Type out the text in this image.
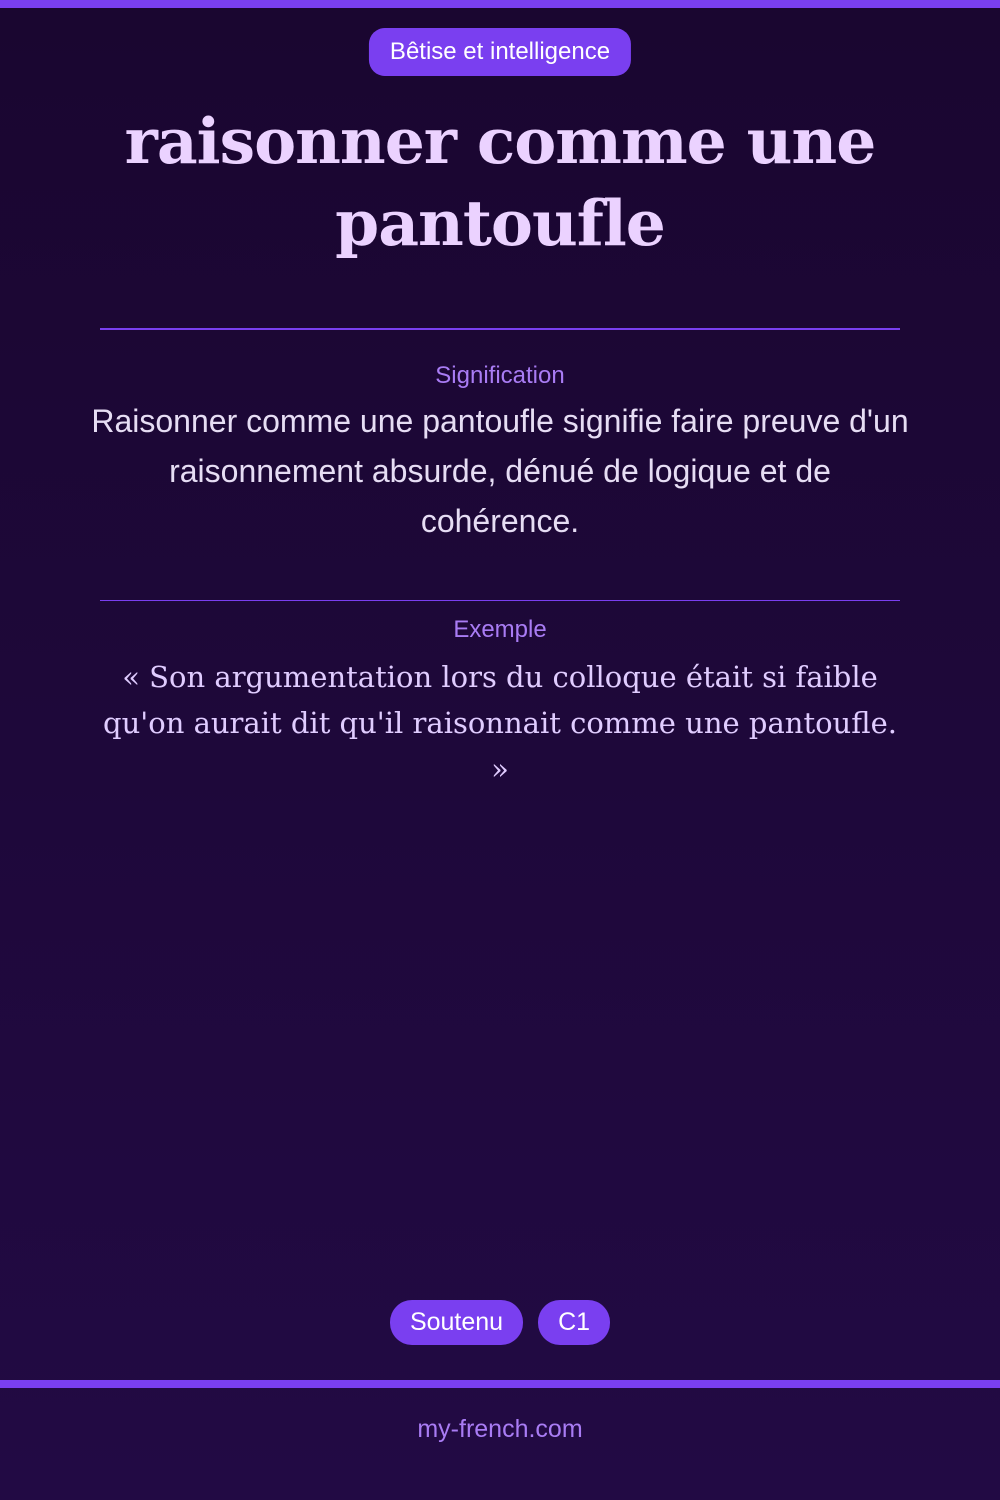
Bêtise et intelligence
raisonner comme une pantoufle
Signification
Raisonner comme une pantoufle signifie faire preuve d'un raisonnement absurde, dénué de logique et de cohérence.
Exemple
« Son argumentation lors du colloque était si faible qu'on aurait dit qu'il raisonnait comme une pantoufle. »
Soutenu	C1
my-french.com
